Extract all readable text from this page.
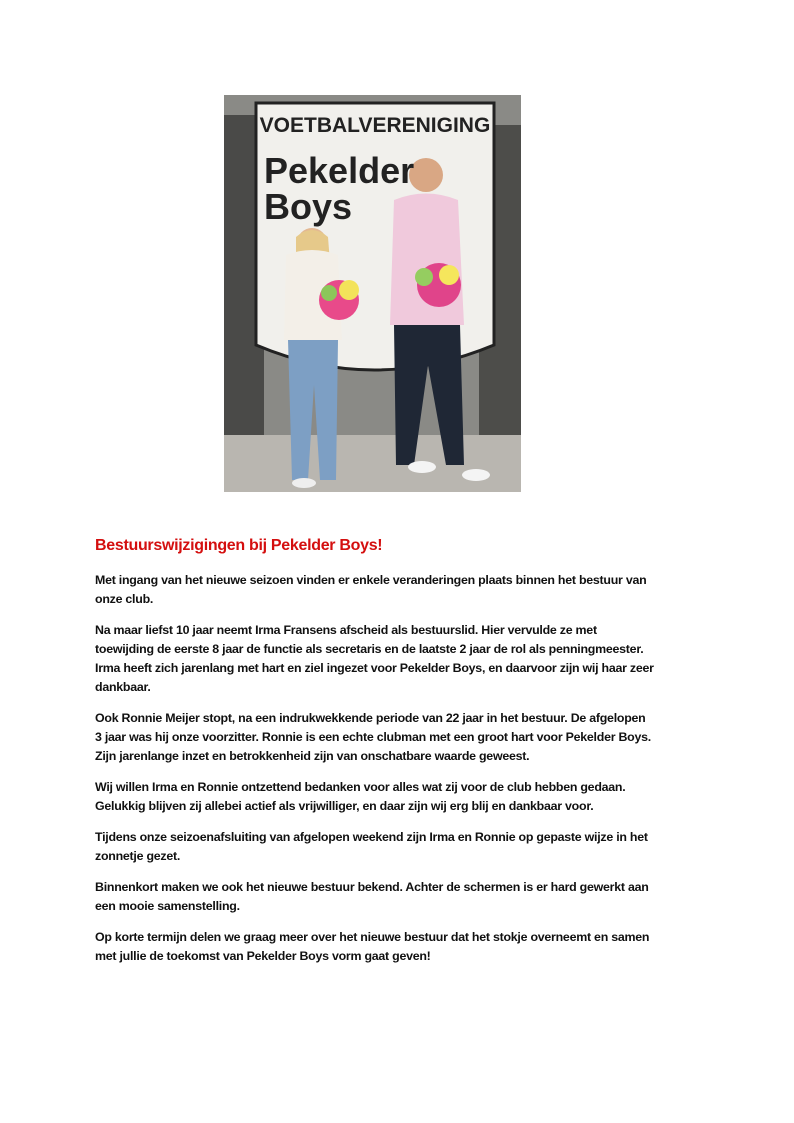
VOETBALVERENIGING
Pekelder
Boys
Bestuurswijzigingen bij Pekelder Boys!

Met ingang van het nieuwe seizoen vinden er enkele veranderingen plaats binnen het bestuur van
onze club.

Na maar liefst 10 jaar neemt Irma Fransens afscheid als bestuurslid. Hier vervulde ze met
toewijding de eerste 8 jaar de functie als secretaris en de laatste 2 jaar de rol als penningmeester.
Irma heeft zich jarenlang met hart en ziel ingezet voor Pekelder Boys, en daarvoor zijn wij haar zeer
dankbaar.

Ook Ronnie Meijer stopt, na een indrukwekkende periode van 22 jaar in het bestuur. De afgelopen
3 jaar was hij onze voorzitter. Ronnie is een echte clubman met een groot hart voor Pekelder Boys.
Zijn jarenlange inzet en betrokkenheid zijn van onschatbare waarde geweest.

Wij willen Irma en Ronnie ontzettend bedanken voor alles wat zij voor de club hebben gedaan.
Gelukkig blijven zij allebei actief als vrijwilliger, en daar zijn wij erg blij en dankbaar voor.

Tijdens onze seizoenafsluiting van afgelopen weekend zijn Irma en Ronnie op gepaste wijze in het
zonnetje gezet.

Binnenkort maken we ook het nieuwe bestuur bekend. Achter de schermen is er hard gewerkt aan
een mooie samenstelling.

Op korte termijn delen we graag meer over het nieuwe bestuur dat het stokje overneemt en samen
met jullie de toekomst van Pekelder Boys vorm gaat geven!
